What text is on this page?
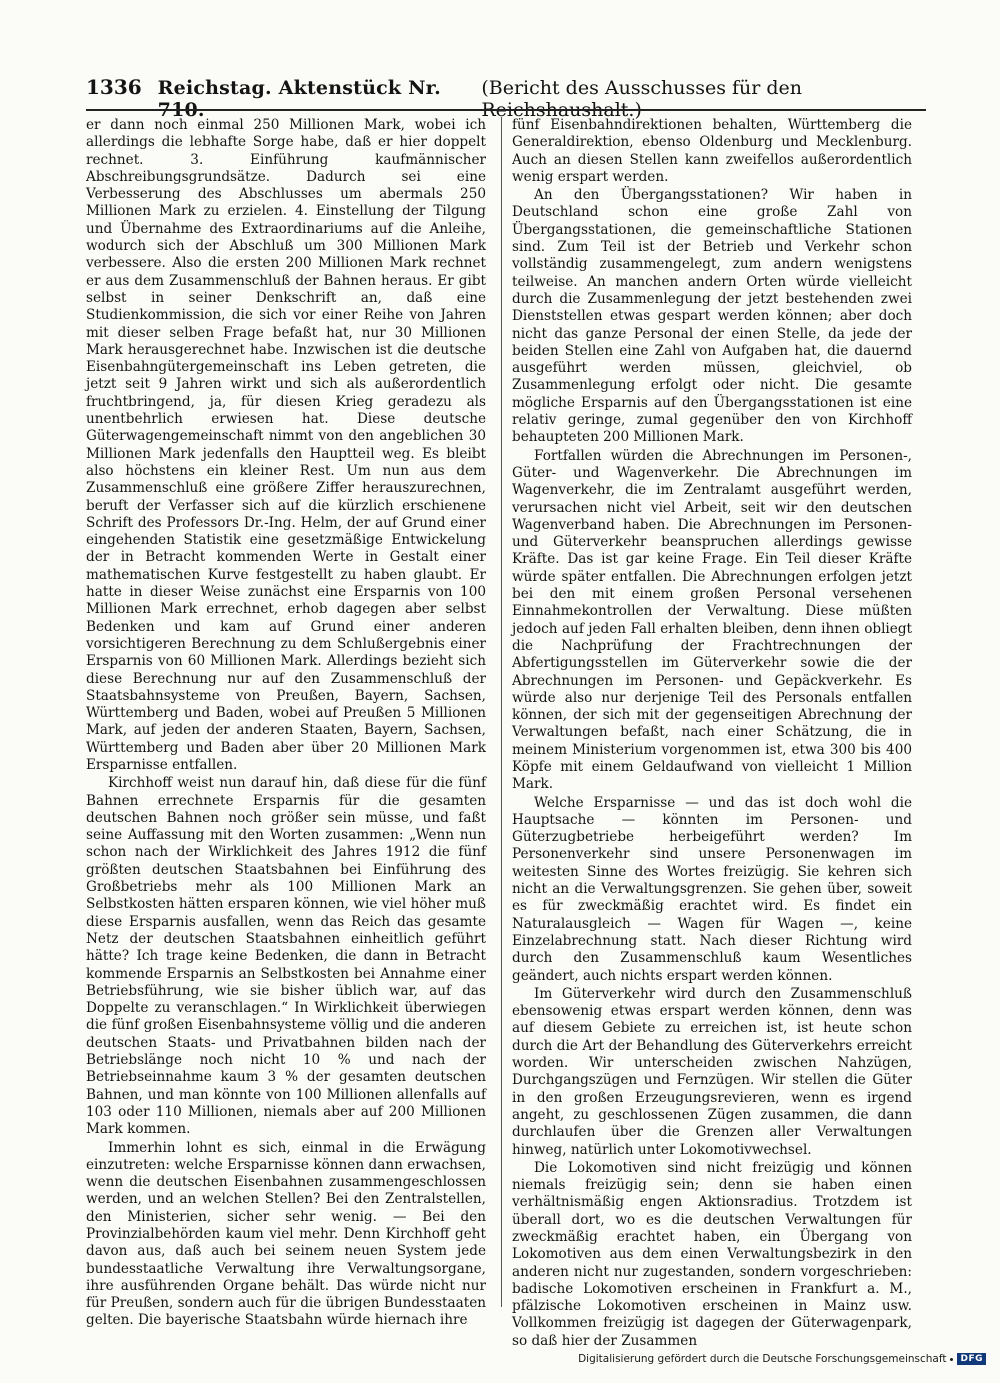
1336 Reichstag. Aktenstück Nr. 710.
(Bericht des Ausschusses für den Reichshaushalt.)

er dann noch einmal 250 Millionen Mark, wobei ich allerdings die lebhafte Sorge habe, daß er hier doppelt rechnet. 3. Einführung kaufmännischer Abschreibungsgrundsätze. Dadurch sei eine Verbesserung des Abschlusses um abermals 250 Millionen Mark zu erzielen. 4. Einstellung der Tilgung und Übernahme des Extraordinariums auf die Anleihe, wodurch sich der Abschluß um 300 Millionen Mark verbessere. Also die ersten 200 Millionen Mark rechnet er aus dem Zusammenschluß der Bahnen heraus. Er gibt selbst in seiner Denkschrift an, daß eine Studienkommission, die sich vor einer Reihe von Jahren mit dieser selben Frage befaßt hat, nur 30 Millionen Mark herausgerechnet habe. Inzwischen ist die deutsche Eisenbahngütergemeinschaft ins Leben getreten, die jetzt seit 9 Jahren wirkt und sich als außerordentlich fruchtbringend, ja, für diesen Krieg geradezu als unentbehrlich erwiesen hat. Diese deutsche Güterwagengemeinschaft nimmt von den angeblichen 30 Millionen Mark jedenfalls den Hauptteil weg. Es bleibt also höchstens ein kleiner Rest. Um nun aus dem Zusammenschluß eine größere Ziffer herauszurechnen, beruft der Verfasser sich auf die kürzlich erschienene Schrift des Professors Dr.-Ing. Helm, der auf Grund einer eingehenden Statistik eine gesetzmäßige Entwickelung der in Betracht kommenden Werte in Gestalt einer mathematischen Kurve festgestellt zu haben glaubt. Er hatte in dieser Weise zunächst eine Ersparnis von 100 Millionen Mark errechnet, erhob dagegen aber selbst Bedenken und kam auf Grund einer anderen vorsichtigeren Berechnung zu dem Schlußergebnis einer Ersparnis von 60 Millionen Mark. Allerdings bezieht sich diese Berechnung nur auf den Zusammenschluß der Staatsbahnsysteme von Preußen, Bayern, Sachsen, Württemberg und Baden, wobei auf Preußen 5 Millionen Mark, auf jeden der anderen Staaten, Bayern, Sachsen, Württemberg und Baden aber über 20 Millionen Mark Ersparnisse entfallen.

Kirchhoff weist nun darauf hin, daß diese für die fünf Bahnen errechnete Ersparnis für die gesamten deutschen Bahnen noch größer sein müsse, und faßt seine Auffassung mit den Worten zusammen: „Wenn nun schon nach der Wirklichkeit des Jahres 1912 die fünf größten deutschen Staatsbahnen bei Einführung des Großbetriebs mehr als 100 Millionen Mark an Selbstkosten hätten ersparen können, wie viel höher muß diese Ersparnis ausfallen, wenn das Reich das gesamte Netz der deutschen Staatsbahnen einheitlich geführt hätte? Ich trage keine Bedenken, die dann in Betracht kommende Ersparnis an Selbstkosten bei Annahme einer Betriebsführung, wie sie bisher üblich war, auf das Doppelte zu veranschlagen.“ In Wirklichkeit überwiegen die fünf großen Eisenbahnsysteme völlig und die anderen deutschen Staats- und Privatbahnen bilden nach der Betriebslänge noch nicht 10 % und nach der Betriebseinnahme kaum 3 % der gesamten deutschen Bahnen, und man könnte von 100 Millionen allenfalls auf 103 oder 110 Millionen, niemals aber auf 200 Millionen Mark kommen.

Immerhin lohnt es sich, einmal in die Erwägung einzutreten: welche Ersparnisse können dann erwachsen, wenn die deutschen Eisenbahnen zusammengeschlossen werden, und an welchen Stellen? Bei den Zentralstellen, den Ministerien, sicher sehr wenig. — Bei den Provinzialbehörden kaum viel mehr. Denn Kirchhoff geht davon aus, daß auch bei seinem neuen System jede bundesstaatliche Verwaltung ihre Verwaltungsorgane, ihre ausführenden Organe behält. Das würde nicht nur für Preußen, sondern auch für die übrigen Bundesstaaten gelten. Die bayerische Staatsbahn würde hiernach ihre

fünf Eisenbahndirektionen behalten, Württemberg die Generaldirektion, ebenso Oldenburg und Mecklenburg. Auch an diesen Stellen kann zweifellos außerordentlich wenig erspart werden.

An den Übergangsstationen? Wir haben in Deutschland schon eine große Zahl von Übergangsstationen, die gemeinschaftliche Stationen sind. Zum Teil ist der Betrieb und Verkehr schon vollständig zusammengelegt, zum andern wenigstens teilweise. An manchen andern Orten würde vielleicht durch die Zusammenlegung der jetzt bestehenden zwei Dienststellen etwas gespart werden können; aber doch nicht das ganze Personal der einen Stelle, da jede der beiden Stellen eine Zahl von Aufgaben hat, die dauernd ausgeführt werden müssen, gleichviel, ob Zusammenlegung erfolgt oder nicht. Die gesamte mögliche Ersparnis auf den Übergangsstationen ist eine relativ geringe, zumal gegenüber den von Kirchhoff behaupteten 200 Millionen Mark.

Fortfallen würden die Abrechnungen im Personen-, Güter- und Wagenverkehr. Die Abrechnungen im Wagenverkehr, die im Zentralamt ausgeführt werden, verursachen nicht viel Arbeit, seit wir den deutschen Wagenverband haben. Die Abrechnungen im Personen- und Güterverkehr beanspruchen allerdings gewisse Kräfte. Das ist gar keine Frage. Ein Teil dieser Kräfte würde später entfallen. Die Abrechnungen erfolgen jetzt bei den mit einem großen Personal versehenen Einnahmekontrollen der Verwaltung. Diese müßten jedoch auf jeden Fall erhalten bleiben, denn ihnen obliegt die Nachprüfung der Frachtrechnungen der Abfertigungsstellen im Güterverkehr sowie die der Abrechnungen im Personen- und Gepäckverkehr. Es würde also nur derjenige Teil des Personals entfallen können, der sich mit der gegenseitigen Abrechnung der Verwaltungen befaßt, nach einer Schätzung, die in meinem Ministerium vorgenommen ist, etwa 300 bis 400 Köpfe mit einem Geldaufwand von vielleicht 1 Million Mark.

Welche Ersparnisse — und das ist doch wohl die Hauptsache — könnten im Personen- und Güterzugbetriebe herbeigeführt werden? Im Personenverkehr sind unsere Personenwagen im weitesten Sinne des Wortes freizügig. Sie kehren sich nicht an die Verwaltungsgrenzen. Sie gehen über, soweit es für zweckmäßig erachtet wird. Es findet ein Naturalausgleich — Wagen für Wagen —, keine Einzelabrechnung statt. Nach dieser Richtung wird durch den Zusammenschluß kaum Wesentliches geändert, auch nichts erspart werden können.

Im Güterverkehr wird durch den Zusammenschluß ebensowenig etwas erspart werden können, denn was auf diesem Gebiete zu erreichen ist, ist heute schon durch die Art der Behandlung des Güterverkehrs erreicht worden. Wir unterscheiden zwischen Nahzügen, Durchgangszügen und Fernzügen. Wir stellen die Güter in den großen Erzeugungsrevieren, wenn es irgend angeht, zu geschlossenen Zügen zusammen, die dann durchlaufen über die Grenzen aller Verwaltungen hinweg, natürlich unter Lokomotivwechsel.

Die Lokomotiven sind nicht freizügig und können niemals freizügig sein; denn sie haben einen verhältnismäßig engen Aktionsradius. Trotzdem ist überall dort, wo es die deutschen Verwaltungen für zweckmäßig erachtet haben, ein Übergang von Lokomotiven aus dem einen Verwaltungsbezirk in den anderen nicht nur zugestanden, sondern vorgeschrieben: badische Lokomotiven erscheinen in Frankfurt a. M., pfälzische Lokomotiven erscheinen in Mainz usw. Vollkommen freizügig ist dagegen der Güterwagenpark, so daß hier der Zusammen

Digitalisierung gefördert durch die Deutsche Forschungsgemeinschaft	DFG
